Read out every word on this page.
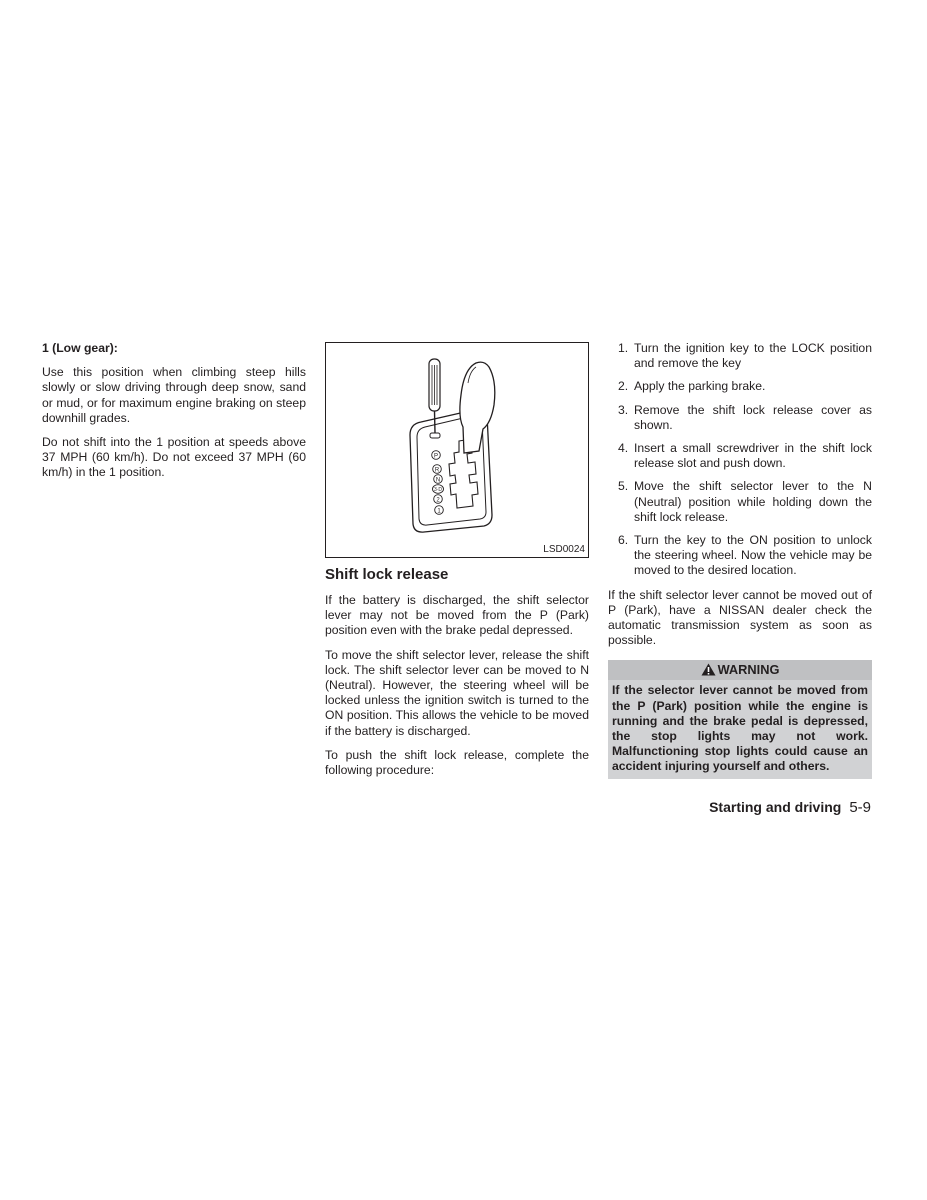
1 (Low gear):

Use this position when climbing steep hills slowly or slow driving through deep snow, sand or mud, or for maximum engine braking on steep downhill grades.

Do not shift into the 1 position at speeds above 37 MPH (60 km/h). Do not exceed 37 MPH (60 km/h) in the 1 position.

P
R
N
3·D
2
1
LSD0024
Shift lock release

If the battery is discharged, the shift selector lever may not be moved from the P (Park) position even with the brake pedal depressed.

To move the shift selector lever, release the shift lock. The shift selector lever can be moved to N (Neutral). However, the steering wheel will be locked unless the ignition switch is turned to the ON position. This allows the vehicle to be moved if the battery is discharged.

To push the shift lock release, complete the following procedure:

1. Turn the ignition key to the LOCK position and remove the key
2. Apply the parking brake.
3. Remove the shift lock release cover as shown.
4. Insert a small screwdriver in the shift lock release slot and push down.
5. Move the shift selector lever to the N (Neutral) position while holding down the shift lock release.
6. Turn the key to the ON position to unlock the steering wheel. Now the vehicle may be moved to the desired location.

If the shift selector lever cannot be moved out of P (Park), have a NISSAN dealer check the automatic transmission system as soon as possible.

WARNING
If the selector lever cannot be moved from the P (Park) position while the engine is running and the brake pedal is depressed, the stop lights may not work. Malfunctioning stop lights could cause an accident injuring yourself and others.
Starting and driving 5-9
